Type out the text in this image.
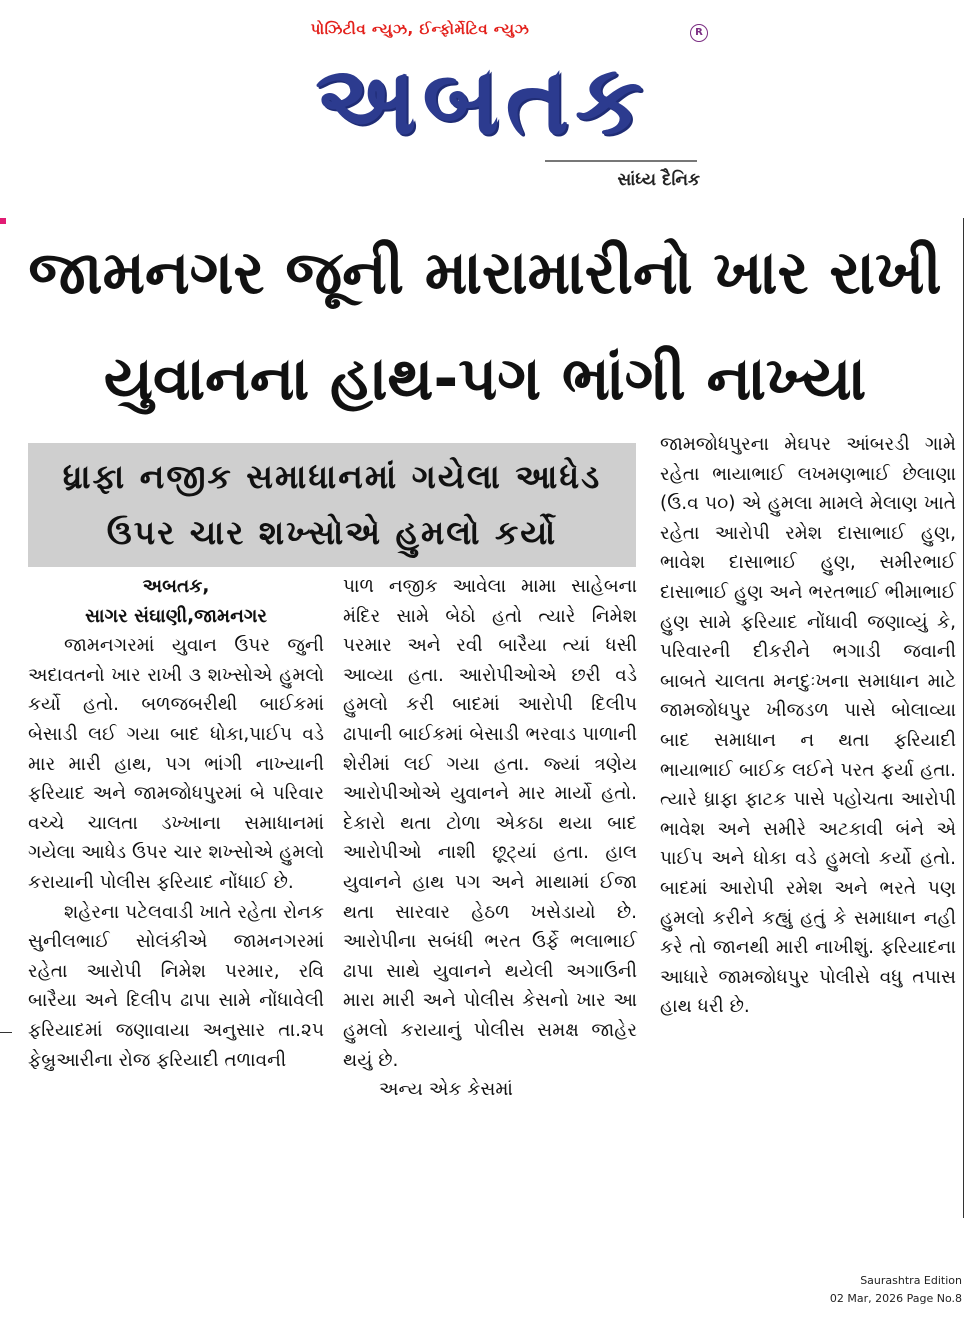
પોઝિટીવ ન્યુઝ, ઈન્ફોર્મેટિવ ન્યુઝ	R
અબતક
સાંધ્ય દૈનિક
જામનગર જૂની મારામારીનો ખાર રાખી
યુવાનના હાથ-પગ ભાંગી નાખ્યા
ધ્રાફા નજીક સમાધાનમાં ગયેલા આધેડ
ઉપર ચાર શખ્સોએ હુમલો કર્યો
અબતક,
સાગર સંઘાણી,જામનગર

જામનગરમાં યુવાન ઉપર જુની અદાવતનો ખાર રાખી ૩ શખ્સોએ હુમલો કર્યો હતો. બળજબરીથી બાઈકમાં બેસાડી લઈ ગયા બાદ ધોકા,પાઈપ વડે માર મારી હાથ, પગ ભાંગી નાખ્યાની ફરિયાદ અને જામજોધપુરમાં બે પરિવાર વચ્ચે ચાલતા ડખ્ખાના સમાધાનમાં ગયેલા આધેડ ઉપર ચાર શખ્સોએ હુમલો કરાયાની પોલીસ ફરિયાદ નોંધાઈ છે.

શહેરના પટેલવાડી ખાતે રહેતા રોનક સુનીલભાઈ સોલંકીએ જામનગરમાં રહેતા આરોપી નિમેશ પરમાર, રવિ બારૈયા અને દિલીપ ઢાપા સામે નોંધાવેલી ફરિયાદમાં જણાવાયા અનુસાર તા.૨૫ ફેબ્રુઆરીના રોજ ફરિયાદી તળાવની

પાળ નજીક આવેલા મામા સાહેબના મંદિર સામે બેઠો હતો ત્યારે નિમેશ પરમાર અને રવી બારૈયા ત્યાં ધસી આવ્યા હતા. આરોપીઓએ છરી વડે હુમલો કરી બાદમાં આરોપી દિલીપ ઢાપાની બાઈકમાં બેસાડી ભરવાડ પાળાની શેરીમાં લઈ ગયા હતા. જ્યાં ત્રણેય આરોપીઓએ યુવાનને માર માર્યો હતો. દેકારો થતા ટોળા એકઠા થયા બાદ આરોપીઓ નાશી છૂટ્યાં હતા. હાલ યુવાનને હાથ પગ અને માથામાં ઈજા થતા સારવાર હેઠળ ખસેડાયો છે. આરોપીના સબંધી ભરત ઉર્ફે ભલાભાઈ ઢાપા સાથે યુવાનને થયેલી અગાઉની મારા મારી અને પોલીસ કેસનો ખાર આ હુમલો કરાયાનું પોલીસ સમક્ષ જાહેર થયું છે.

અન્ય એક કેસમાં

જામજોધપુરના મેઘપર આંબરડી ગામે રહેતા ભાયાભાઈ લખમણભાઈ છેલાણા (ઉ.વ ૫૦) એ હુમલા મામલે મેલાણ ખાતે રહેતા આરોપી રમેશ દાસાભાઈ હુણ, ભાવેશ દાસાભાઈ હુણ, સમીરભાઈ દાસાભાઈ હુણ અને ભરતભાઈ ભીમાભાઈ હુણ સામે ફરિયાદ નોંધાવી જણાવ્યું કે, પરિવારની દીકરીને ભગાડી જવાની બાબતે ચાલતા મનદુઃખના સમાધાન માટે જામજોધપુર ખીજડળ પાસે બોલાવ્યા બાદ સમાધાન ન થતા ફરિયાદી ભાયાભાઈ બાઈક લઈને પરત ફર્યા હતા. ત્યારે ધ્રાફા ફાટક પાસે પહોચતા આરોપી ભાવેશ અને સમીરે અટકાવી બંને એ પાઈપ અને ધોકા વડે હુમલો કર્યો હતો. બાદમાં આરોપી રમેશ અને ભરતે પણ હુમલો કરીને કહ્યું હતું કે સમાધાન નહી કરે તો જાનથી મારી નાખીશું. ફરિયાદના આધારે જામજોધપુર પોલીસે વધુ તપાસ હાથ ધરી છે.

Saurashtra Edition
02 Mar, 2026 Page No.8
